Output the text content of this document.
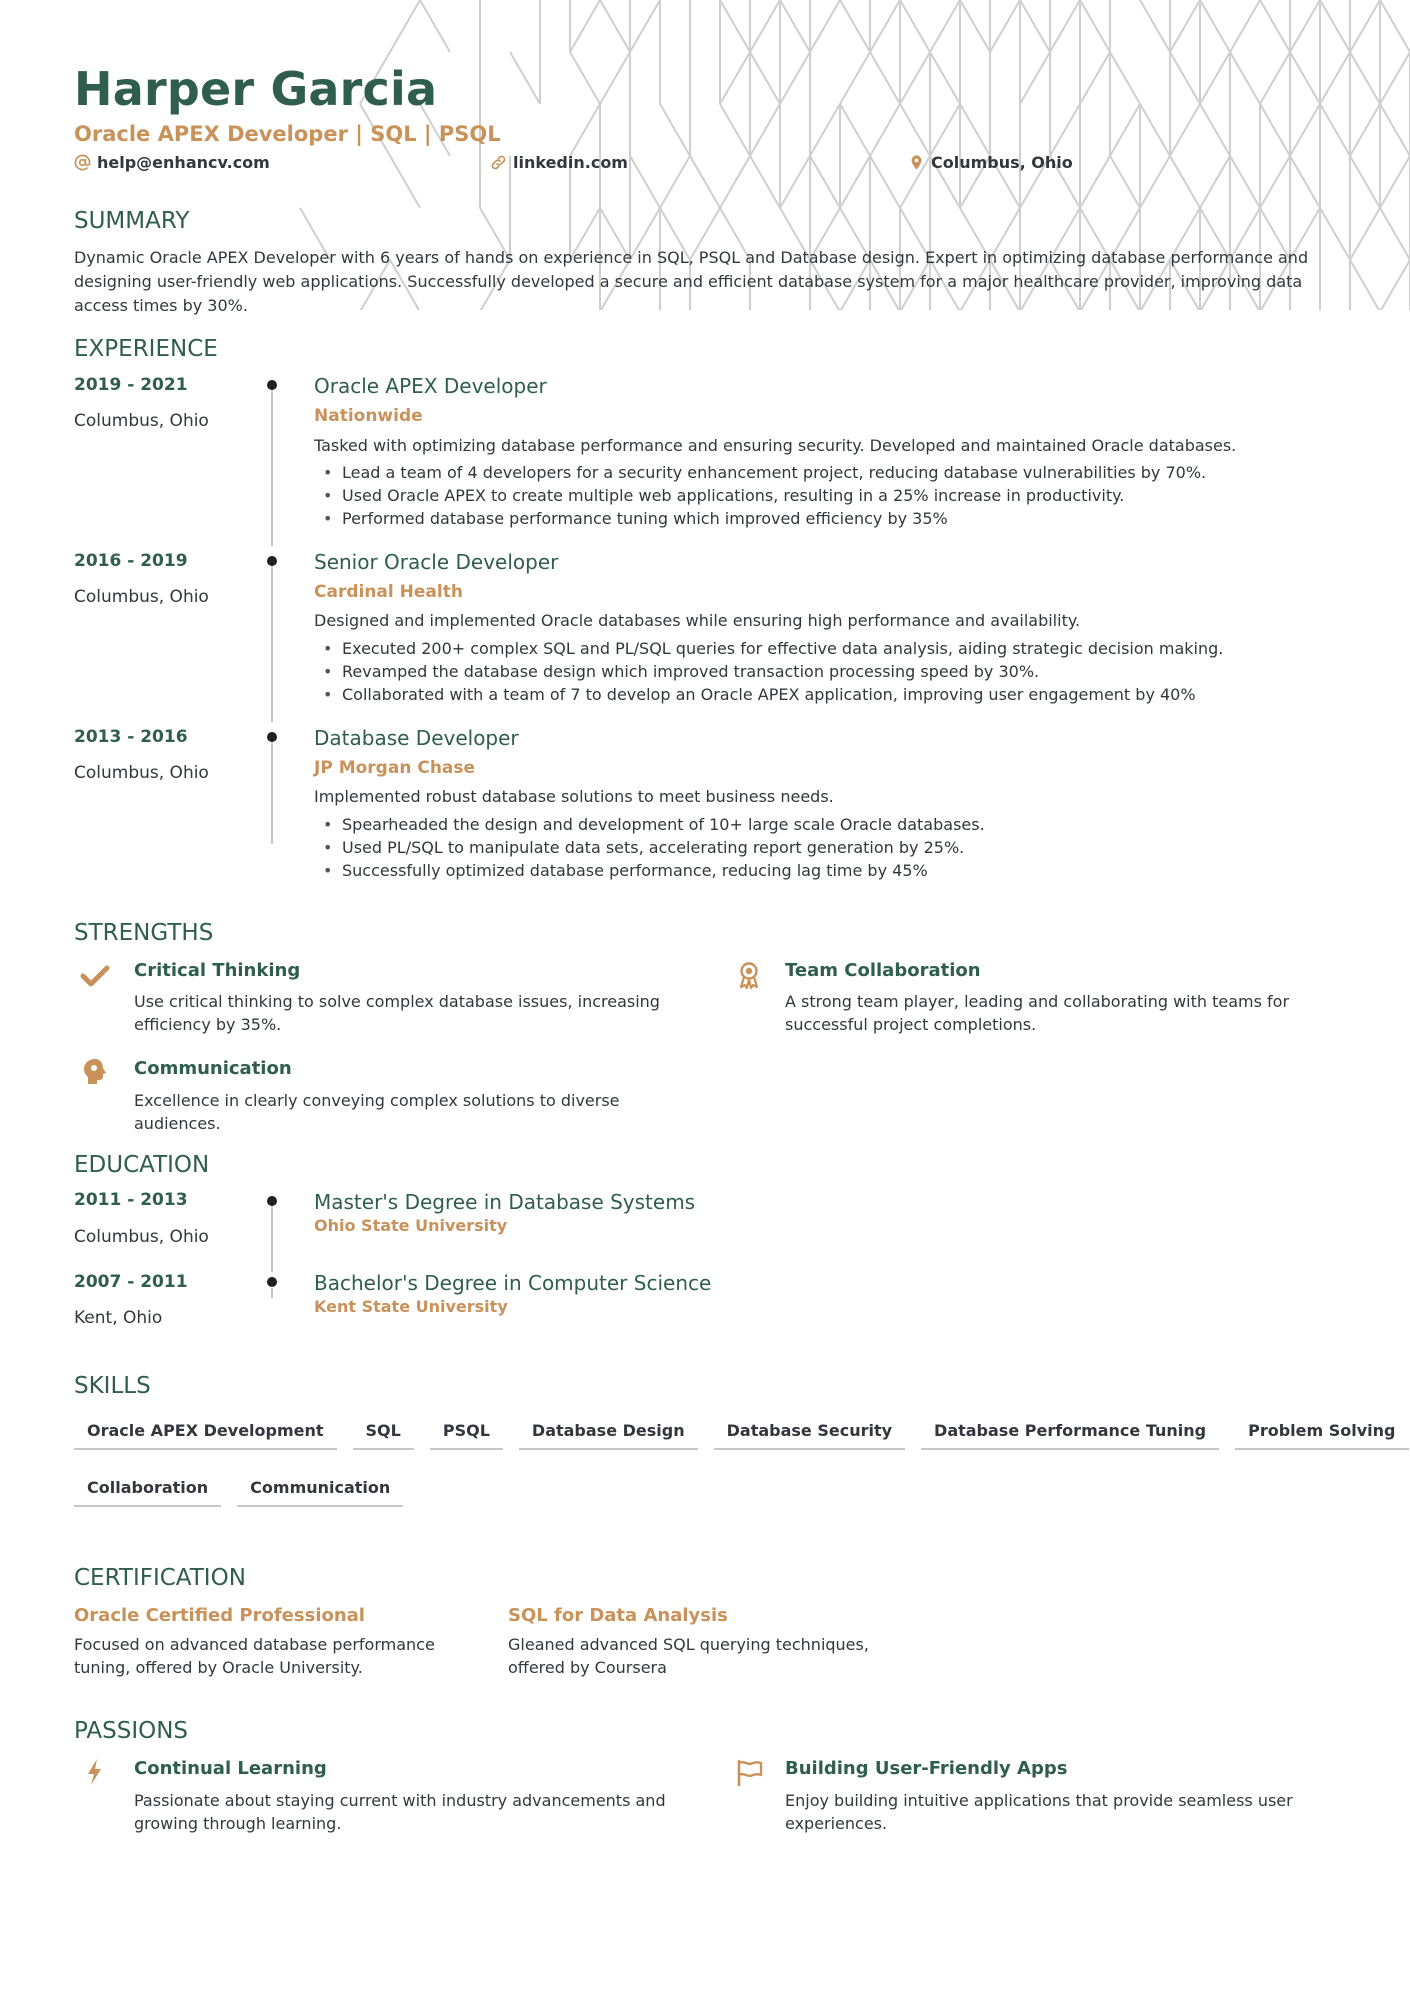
Harper Garcia
Oracle APEX Developer | SQL | PSQL
help@enhancv.com	linkedin.com	Columbus, Ohio
SUMMARY
Dynamic Oracle APEX Developer with 6 years of hands on experience in SQL, PSQL and Database design. Expert in optimizing database performance and designing user-friendly web applications. Successfully developed a secure and efficient database system for a major healthcare provider, improving data access times by 30%.
EXPERIENCE
2019 - 2021
Columbus, Ohio
Oracle APEX Developer
Nationwide
Tasked with optimizing database performance and ensuring security. Developed and maintained Oracle databases.
• Lead a team of 4 developers for a security enhancement project, reducing database vulnerabilities by 70%.
• Used Oracle APEX to create multiple web applications, resulting in a 25% increase in productivity.
• Performed database performance tuning which improved efficiency by 35%
2016 - 2019
Columbus, Ohio
Senior Oracle Developer
Cardinal Health
Designed and implemented Oracle databases while ensuring high performance and availability.
• Executed 200+ complex SQL and PL/SQL queries for effective data analysis, aiding strategic decision making.
• Revamped the database design which improved transaction processing speed by 30%.
• Collaborated with a team of 7 to develop an Oracle APEX application, improving user engagement by 40%
2013 - 2016
Columbus, Ohio
Database Developer
JP Morgan Chase
Implemented robust database solutions to meet business needs.
• Spearheaded the design and development of 10+ large scale Oracle databases.
• Used PL/SQL to manipulate data sets, accelerating report generation by 25%.
• Successfully optimized database performance, reducing lag time by 45%
STRENGTHS
Critical Thinking
Use critical thinking to solve complex database issues, increasing efficiency by 35%.
Team Collaboration
A strong team player, leading and collaborating with teams for successful project completions.
Communication
Excellence in clearly conveying complex solutions to diverse audiences.
EDUCATION
2011 - 2013
Columbus, Ohio
Master's Degree in Database Systems
Ohio State University
2007 - 2011
Kent, Ohio
Bachelor's Degree in Computer Science
Kent State University
SKILLS
Oracle APEX Development	SQL	PSQL	Database Design	Database Security	Database Performance Tuning	Problem Solving
Collaboration	Communication
CERTIFICATION
Oracle Certified Professional
Focused on advanced database performance tuning, offered by Oracle University.
SQL for Data Analysis
Gleaned advanced SQL querying techniques, offered by Coursera
PASSIONS
Continual Learning
Passionate about staying current with industry advancements and growing through learning.
Building User-Friendly Apps
Enjoy building intuitive applications that provide seamless user experiences.
